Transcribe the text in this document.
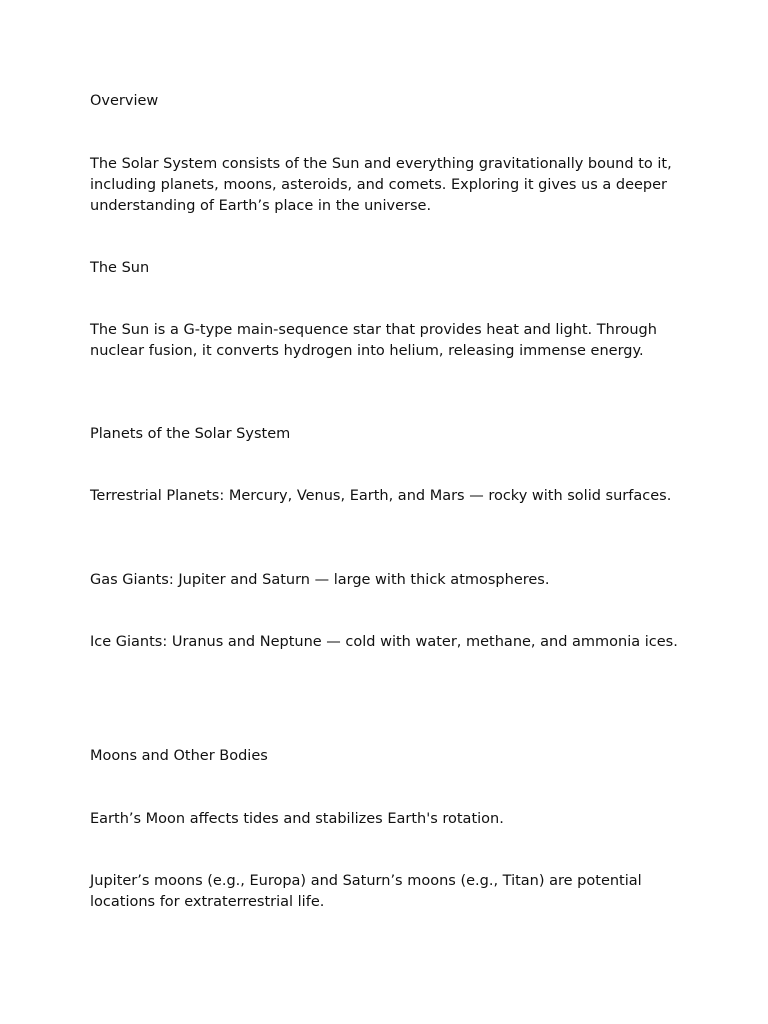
Overview

The Solar System consists of the Sun and everything gravitationally bound to it, including planets, moons, asteroids, and comets. Exploring it gives us a deeper understanding of Earth’s place in the universe.

The Sun

The Sun is a G-type main-sequence star that provides heat and light. Through nuclear fusion, it converts hydrogen into helium, releasing immense energy.

Planets of the Solar System

Terrestrial Planets: Mercury, Venus, Earth, and Mars — rocky with solid surfaces.

Gas Giants: Jupiter and Saturn — large with thick atmospheres.

Ice Giants: Uranus and Neptune — cold with water, methane, and ammonia ices.

Moons and Other Bodies

Earth’s Moon affects tides and stabilizes Earth's rotation.

Jupiter’s moons (e.g., Europa) and Saturn’s moons (e.g., Titan) are potential locations for extraterrestrial life.
